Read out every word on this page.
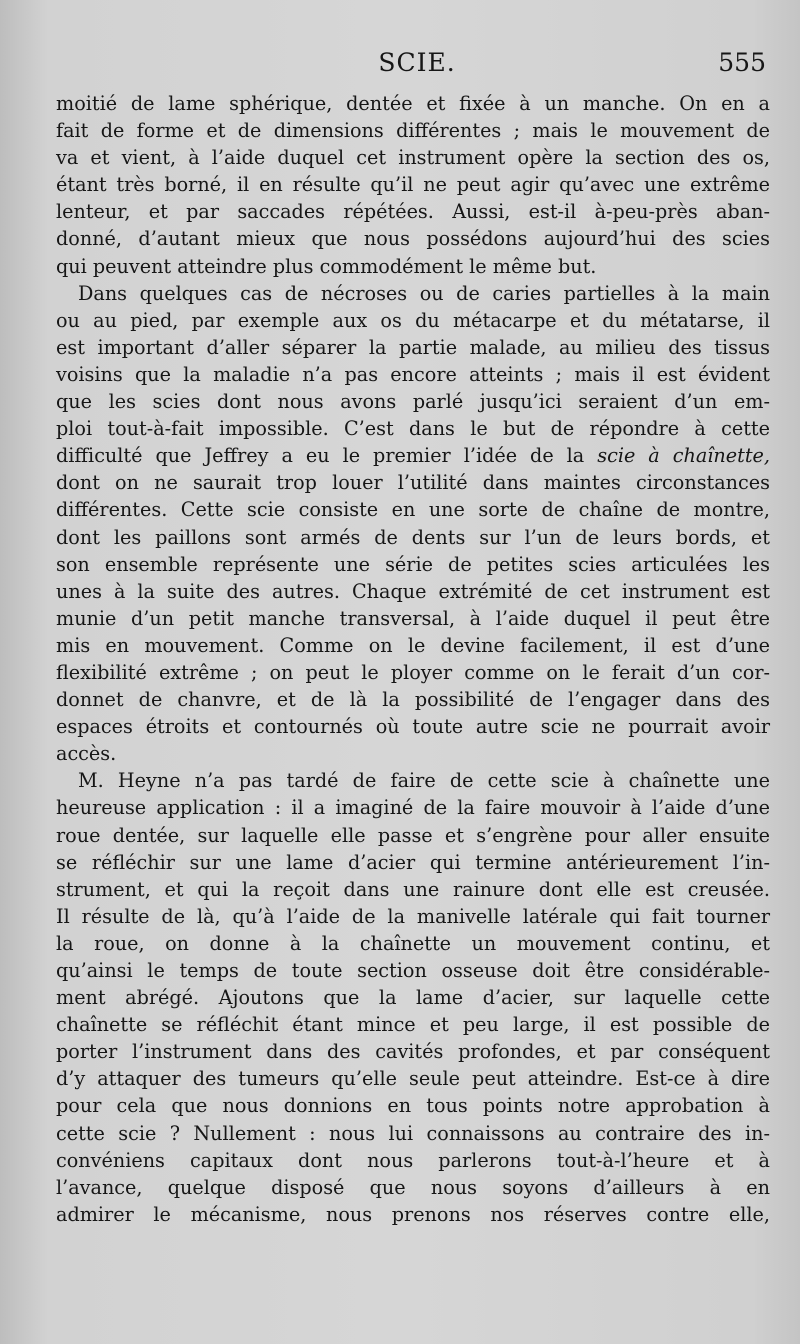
SCIE.	555
moitié de lame sphérique, dentée et fixée à un manche. On en a
fait de forme et de dimensions différentes ; mais le mouvement de
va et vient, à l’aide duquel cet instrument opère la section des os,
étant très borné, il en résulte qu’il ne peut agir qu’avec une extrême
lenteur, et par saccades répétées. Aussi, est-il à-peu-près aban-
donné, d’autant mieux que nous possédons aujourd’hui des scies
qui peuvent atteindre plus commodément le même but.
Dans quelques cas de nécroses ou de caries partielles à la main
ou au pied, par exemple aux os du métacarpe et du métatarse, il
est important d’aller séparer la partie malade, au milieu des tissus
voisins que la maladie n’a pas encore atteints ; mais il est évident
que les scies dont nous avons parlé jusqu’ici seraient d’un em-
ploi tout-à-fait impossible. C’est dans le but de répondre à cette
difficulté que Jeffrey a eu le premier l’idée de la scie à chaînette,
dont on ne saurait trop louer l’utilité dans maintes circonstances
différentes. Cette scie consiste en une sorte de chaîne de montre,
dont les paillons sont armés de dents sur l’un de leurs bords, et
son ensemble représente une série de petites scies articulées les
unes à la suite des autres. Chaque extrémité de cet instrument est
munie d’un petit manche transversal, à l’aide duquel il peut être
mis en mouvement. Comme on le devine facilement, il est d’une
flexibilité extrême ; on peut le ployer comme on le ferait d’un cor-
donnet de chanvre, et de là la possibilité de l’engager dans des
espaces étroits et contournés où toute autre scie ne pourrait avoir
accès.
M. Heyne n’a pas tardé de faire de cette scie à chaînette une
heureuse application : il a imaginé de la faire mouvoir à l’aide d’une
roue dentée, sur laquelle elle passe et s’engrène pour aller ensuite
se réfléchir sur une lame d’acier qui termine antérieurement l’in-
strument, et qui la reçoit dans une rainure dont elle est creusée.
Il résulte de là, qu’à l’aide de la manivelle latérale qui fait tourner
la roue, on donne à la chaînette un mouvement continu, et
qu’ainsi le temps de toute section osseuse doit être considérable-
ment abrégé. Ajoutons que la lame d’acier, sur laquelle cette
chaînette se réfléchit étant mince et peu large, il est possible de
porter l’instrument dans des cavités profondes, et par conséquent
d’y attaquer des tumeurs qu’elle seule peut atteindre. Est-ce à dire
pour cela que nous donnions en tous points notre approbation à
cette scie ? Nullement : nous lui connaissons au contraire des in-
convéniens capitaux dont nous parlerons tout-à-l’heure et à
l’avance, quelque disposé que nous soyons d’ailleurs à en
admirer le mécanisme, nous prenons nos réserves contre elle,
